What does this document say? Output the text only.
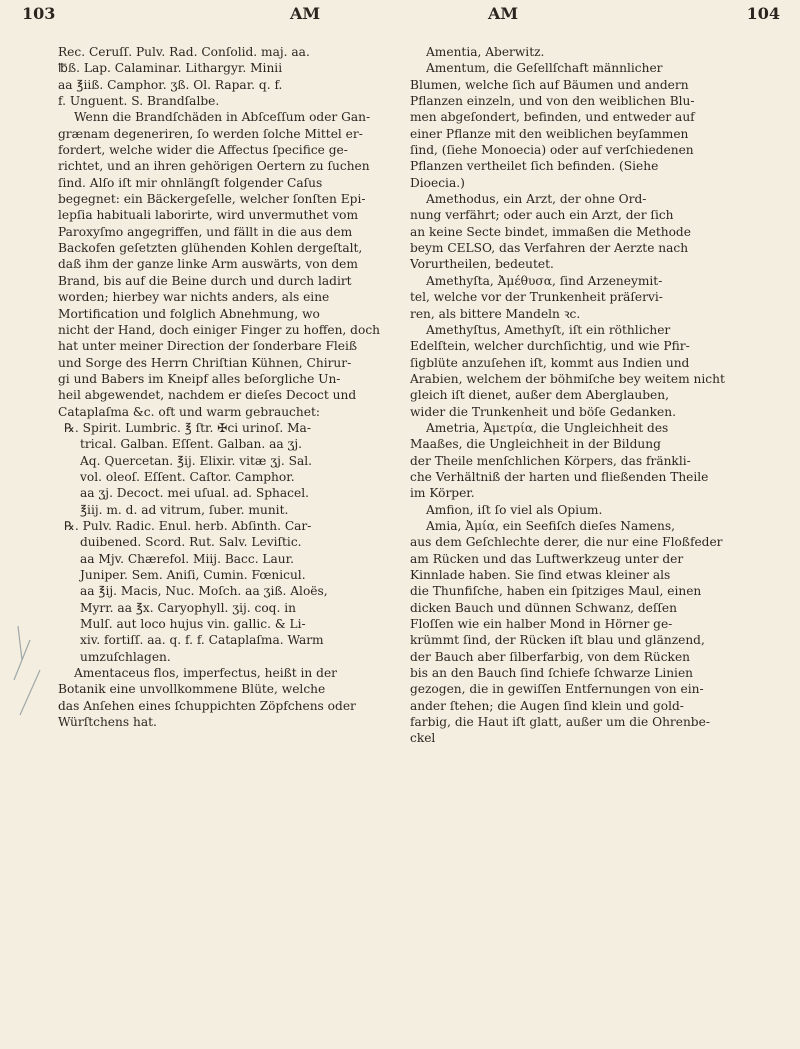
103	AM	AM	104

Rec. Ceruſſ. Pulv. Rad. Conſolid. maj. aa.

℔ß. Lap. Calaminar. Lithargyr. Minii

aa ℥iiß. Camphor. ʒß. Ol. Rapar. q. f.

f. Unguent. S. Brandſalbe.

Wenn die Brandſchäden in Abſceſſum oder Gan-

grænam degeneriren, ſo werden ſolche Mittel er-

fordert, welche wider die Affectus ſpecifice ge-

richtet, und an ihren gehörigen Oertern zu ſuchen

ſind. Alſo iſt mir ohnlängſt folgender Caſus

begegnet: ein Bäckergeſelle, welcher ſonſten Epi-

lepſia habituali laborirte, wird unvermuthet vom

Paroxyſmo angegriffen, und fällt in die aus dem

Backofen geſetzten glühenden Kohlen dergeſtalt,

daß ihm der ganze linke Arm auswärts, von dem

Brand, bis auf die Beine durch und durch ladirt

worden; hierbey war nichts anders, als eine

Mortification und folglich Abnehmung, wo

nicht der Hand, doch einiger Finger zu hoffen, doch

hat unter meiner Direction der ſonderbare Fleiß

und Sorge des Herrn Chriſtian Kühnen, Chirur-

gi und Babers im Kneipf alles beſorgliche Un-

heil abgewendet, nachdem er dieſes Decoct und

Cataplaſma &c. oft und warm gebrauchet:

℞. Spirit. Lumbric. ℥ ſtr. ✠ci urinoſ. Ma-

trical. Galban. Eſſent. Galban. aa ʒj.

Aq. Quercetan. ℥ij. Elixir. vitæ ʒj. Sal.

vol. oleoſ. Eſſent. Caſtor. Camphor.

aa ʒj. Decoct. mei uſual. ad. Sphacel.

℥iij. m. d. ad vitrum, ſuber. munit.

℞. Pulv. Radic. Enul. herb. Abſinth. Car-

duibened. Scord. Rut. Salv. Leviſtic.

aa Mjv. Chærefol. Miij. Bacc. Laur.

Juniper. Sem. Aniſi, Cumin. Fœnicul.

aa ℥ij. Macis, Nuc. Moſch. aa ʒiß. Aloës,

Myrr. aa ℥x. Caryophyll. ʒij. coq. in

Mulſ. aut loco hujus vin. gallic. & Li-

xiv. fortiſſ. aa. q. f. f. Cataplaſma. Warm

umzuſchlagen.

Amentaceus flos, imperfectus, heißt in der

Botanik eine unvollkommene Blüte, welche

das Anſehen eines ſchuppichten Zöpfchens oder

Würſtchens hat.

Amentia, Aberwitz.

Amentum, die Geſellſchaft männlicher

Blumen, welche ſich auf Bäumen und andern

Pflanzen einzeln, und von den weiblichen Blu-

men abgeſondert, befinden, und entweder auf

einer Pflanze mit den weiblichen beyſammen

ſind, (ſiehe Monoecia) oder auf verſchiedenen

Pflanzen vertheilet ſich befinden. (Siehe

Dioecia.)

Amethodus, ein Arzt, der ohne Ord-

nung verfährt; oder auch ein Arzt, der ſich

an keine Secte bindet, immaßen die Methode

beym CELSO, das Verfahren der Aerzte nach

Vorurtheilen, bedeutet.

Amethyſta, Ἀμέθυσα, ſind Arzeneymit-

tel, welche vor der Trunkenheit präſervi-

ren, als bittere Mandeln ꝛc.

Amethyſtus, Amethyſt, iſt ein röthlicher

Edelſtein, welcher durchſichtig, und wie Pfir-

ſigblüte anzuſehen iſt, kommt aus Indien und

Arabien, welchem der böhmiſche bey weitem nicht

gleich iſt dienet, außer dem Aberglauben,

wider die Trunkenheit und böſe Gedanken.

Ametria, Ἀμετρία, die Ungleichheit des

Maaßes, die Ungleichheit in der Bildung

der Theile menſchlichen Körpers, das fränkli-

che Verhältniß der harten und fließenden Theile

im Körper.

Amfion, iſt ſo viel als Opium.

Amia, Ἀμία, ein Seefiſch dieſes Namens,

aus dem Geſchlechte derer, die nur eine Floßfeder

am Rücken und das Luftwerkzeug unter der

Kinnlade haben. Sie ſind etwas kleiner als

die Thunfiſche, haben ein ſpitziges Maul, einen

dicken Bauch und dünnen Schwanz, deſſen

Floſſen wie ein halber Mond in Hörner ge-

krümmt ſind, der Rücken iſt blau und glänzend,

der Bauch aber ſilberfarbig, von dem Rücken

bis an den Bauch ſind ſchiefe ſchwarze Linien

gezogen, die in gewiſſen Entfernungen von ein-

ander ſtehen; die Augen ſind klein und gold-

farbig, die Haut iſt glatt, außer um die Ohrenbe-

ckel
